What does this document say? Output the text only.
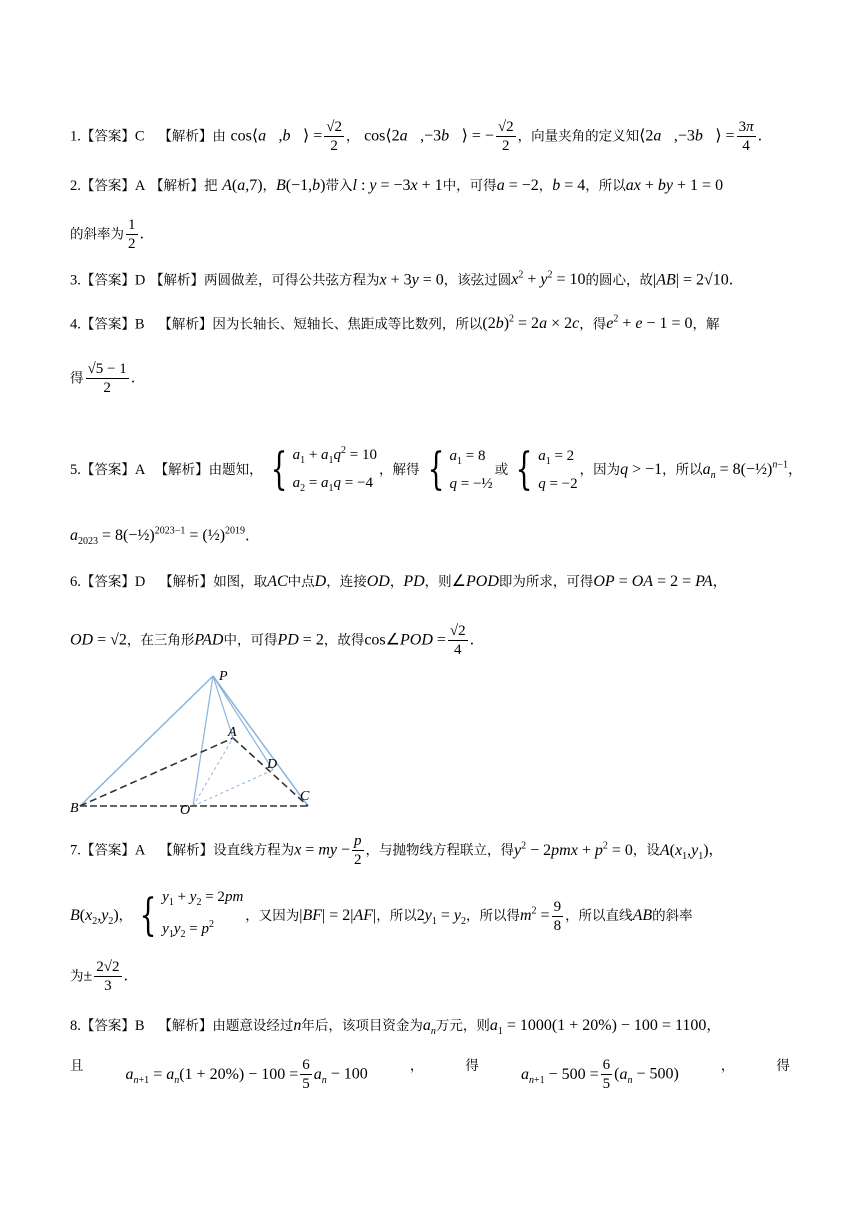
1.【答案】C 【解析】由 cos⟨a⃗,b⃗⟩ = $\frac{√2}{2}$ ， cos⟨2a⃗,−3b⃗⟩ = − $\frac{√2}{2}$ ，向量夹角的定义知⟨2a⃗,−3b⃗⟩ = $\frac{3\pi}{4}$ .
2.【答案】A 【解析】把 A(a,7)，B(−1,b)带入l : y = −3x + 1中，可得a = −2，b = 4，所以ax + by + 1 = 0
的斜率为 $\frac{1}{2}$ .
3.【答案】D 【解析】两圆做差，可得公共弦方程为x + 3y = 0，该弦过圆$x^2 + y^2 = 10$的圆心，故|AB| = 2√10.
4.【答案】B 【解析】因为长轴长、短轴长、焦距成等比数列，所以$(2b)^2 = 2a \times 2c$，得$e^2 + e - 1 = 0$，解
得 $\frac{√5 - 1}{2}$ .
5.【答案】A 【解析】由题知， { $a_1 + a_1q^2 = 10$
$a_2 = a_1q = -4$
，解得 { $a_1 = 8$
q = −½
或 { $a_1 = 2$
q = −2
，因为q > −1，所以$a_n$ = 8(−½)$^{n-1}$，
$a_{2023}$ = 8(−½)$^{2023-1}$ = (½)$^{2019}$.
6.【答案】D 【解析】如图，取AC中点D，连接OD，PD，则∠POD即为所求，可得OP = OA = 2 = PA，
OD = √2，在三角形PAD中，可得PD = 2，故得cos∠POD = $\frac{√2}{4}$ .
P
A
D
B	O
C
7.【答案】A 【解析】设直线方程为x = my − $\frac{p}{2}$ ，与抛物线方程联立，得$y^2 - 2pmx + p^2 = 0$，设$A(x_1,y_1)$，
$B(x_2,y_2)$， { $y_1 + y_2 = 2pm$
$y_1y_2 = p^2$
，又因为|BF| = 2|AF|，所以$2y_1 = y_2$，所以得$m^2 = \frac{9}{8}$ ，所以直线AB的斜率
为± $\frac{2√2}{3}$ .
8.【答案】B 【解析】由题意设经过n年后，该项目资金为$a_n$万元，则$a_1 = 1000(1 + 20\%) - 100 = 1100$，
且	$a_{n+1} = a_n(1 + 20\%) - 100 = \frac{6}{5} a_n - 100$	，	得	$a_{n+1} - 500 = \frac{6}{5} (a_n - 500)$	，	得
